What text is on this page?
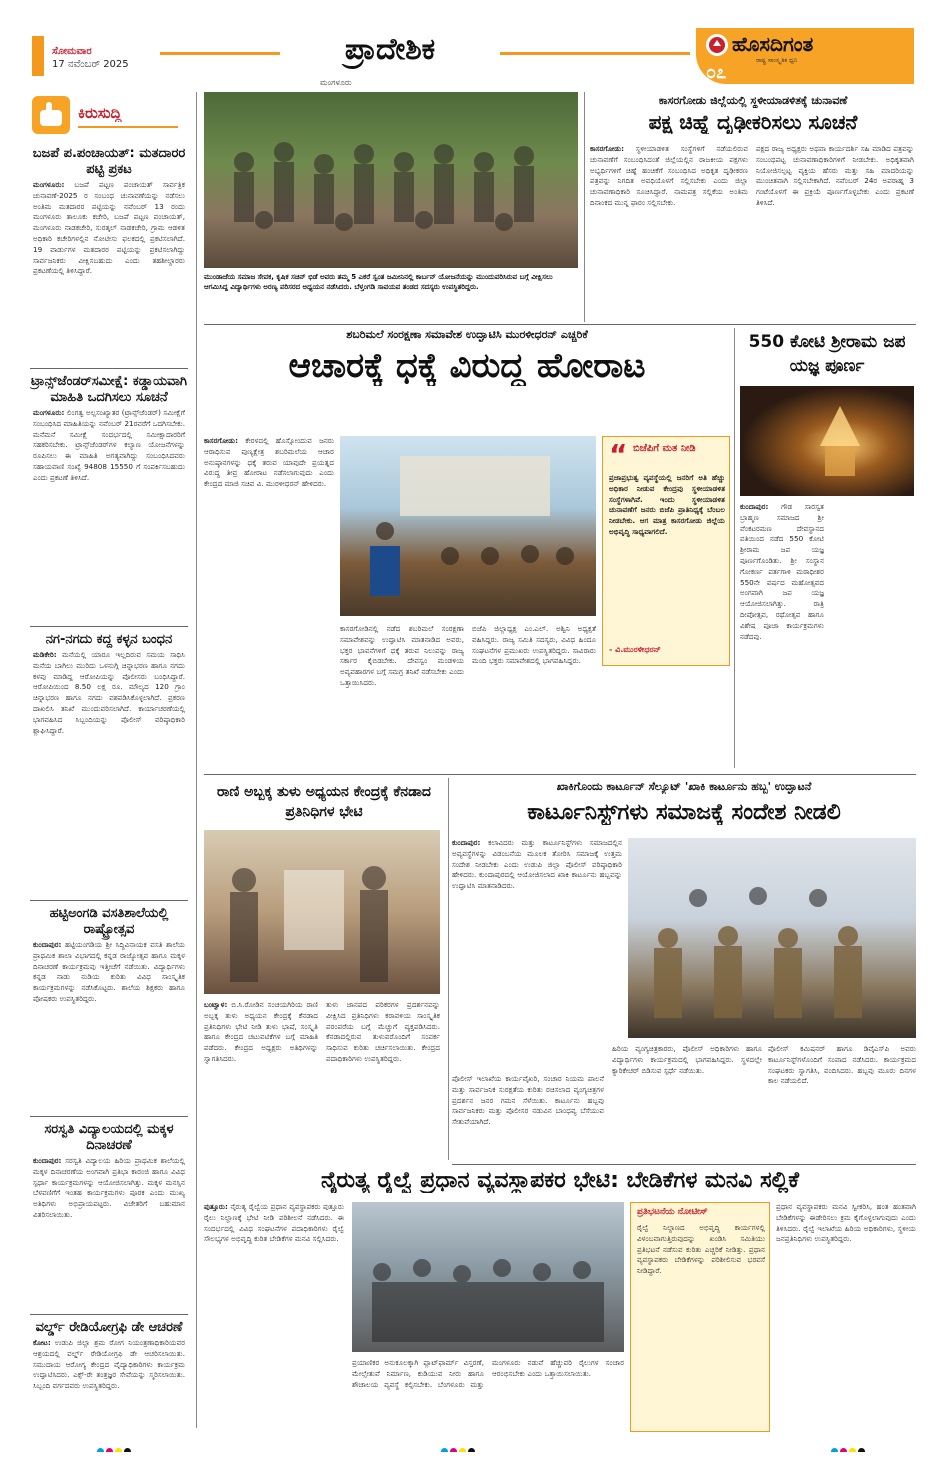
ಸೋಮವಾರ
17 ನವೆಂಬರ್ 2025
ಮಂಗಳೂರು
ಪ್ರಾದೇಶಿಕ	ಹೊಸದಿಗಂತ
ರಾಷ್ಟ್ರ ಸಾಂಸ್ಕೃತಿಕ ಧ್ವನಿ
೦೭
ಕಿರುಸುದ್ದಿ
ಬಜಪೆ ಪ.ಪಂಚಾಯತ್‌: ಮತದಾರರ ಪಟ್ಟಿ ಪ್ರಕಟ
ಮಂಗಳೂರು: ಬಜಪೆ ಪಟ್ಟಣ ಪಂಚಾಯತ್ ಸಾರ್ವತ್ರಿಕ ಚುನಾವಣೆ-2025 ರ ಸಂಬಂಧ ಚುನಾವಣೆಯನ್ನು ನಡೆಸಲು ಅಂತಿಮ ಮತದಾರರ ಪಟ್ಟಿಯನ್ನು ನವೆಂಬರ್ 13 ರಂದು ಮಂಗಳೂರು ತಾಲೂಕು ಕಚೇರಿ, ಬಜಪೆ ಪಟ್ಟಣ ಪಂಚಾಯತ್, ಮಂಗಳೂರು ನಾಡಕಚೇರಿ, ಸುರತ್ಕಲ್ ನಾಡಕಚೇರಿ, ಗ್ರಾಮ ಆಡಳಿತ ಅಧಿಕಾರಿ ಕಚೇರಿಗಳಲ್ಲಿನ ನೋಟೀಸು ಫಲಕದಲ್ಲಿ ಪ್ರಕಟಿಸಲಾಗಿದೆ. 19 ವಾರ್ಡುಗಳ ಮತದಾರರ ಪಟ್ಟಿಯನ್ನು ಪ್ರಕಟಿಸಲಾಗಿದ್ದು ಸಾರ್ವಜನಿಕರು ವೀಕ್ಷಿಸಬಹುದು ಎಂದು ತಹಶೀಲ್ದಾರರು ಪ್ರಕಟಣೆಯಲ್ಲಿ ತಿಳಿಸಿದ್ದಾರೆ.
ಟ್ರಾನ್ಸ್‌ಜೆಂಡರ್‌ಸಮೀಕ್ಷೆ: ಕಡ್ಡಾಯವಾಗಿ ಮಾಹಿತಿ ಒದಗಿಸಲು ಸೂಚನೆ
ಮಂಗಳೂರು: ಲಿಂಗತ್ವ ಅಲ್ಪಸಂಖ್ಯಾತರ (ಟ್ರಾನ್ಸ್‌ಜೆಂಡರ್) ಸಮೀಕ್ಷೆಗೆ ಸಂಬಂಧಿಸಿದ ಮಾಹಿತಿಯನ್ನು ನವೆಂಬರ್ 21ರವರೆಗೆ ಒದಗಿಸಬೇಕು. ಮನೆಮನೆ ಸಮೀಕ್ಷೆ ಸಂದರ್ಭದಲ್ಲಿ ಸಮೀಕ್ಷಾದಾರರಿಗೆ ಸಹಕರಿಸಬೇಕು. ಟ್ರಾನ್ಸ್‌ಜೆಂಡರ್‌ಗಳ ಕಲ್ಯಾಣ ಯೋಜನೆಗಳನ್ನು ರೂಪಿಸಲು ಈ ಮಾಹಿತಿ ಅಗತ್ಯವಾಗಿದ್ದು ಸಂಬಂಧಿಸಿದವರು ಸಹಾಯವಾಣಿ ಸಂಖ್ಯೆ 94808 15550 ಗೆ ಸಂಪರ್ಕಿಸಬಹುದು ಎಂದು ಪ್ರಕಟಣೆ ತಿಳಿಸಿದೆ.
ನಗ-ನಗದು ಕದ್ದ ಕಳ್ಳನ ಬಂಧನ
ಮಡಿಕೇರಿ: ಮನೆಯಲ್ಲಿ ಯಾರೂ ಇಲ್ಲದಿರುವ ಸಮಯ ಸಾಧಿಸಿ ಮನೆಯ ಬಾಗಿಲು ಮುರಿದು ಒಳನುಗ್ಗಿ ಚಿನ್ನಾಭರಣ ಹಾಗೂ ನಗದು ಕಳವು ಮಾಡಿದ್ದ ಆರೋಪಿಯನ್ನು ಪೊಲೀಸರು ಬಂಧಿಸಿದ್ದಾರೆ. ಆರೋಪಿಯಿಂದ 8.50 ಲಕ್ಷ ರೂ. ಮೌಲ್ಯದ 120 ಗ್ರಾಂ ಚಿನ್ನಾಭರಣ ಹಾಗೂ ನಗದು ವಶಪಡಿಸಿಕೊಳ್ಳಲಾಗಿದೆ. ಪ್ರಕರಣ ದಾಖಲಿಸಿ ತನಿಖೆ ಮುಂದುವರಿಸಲಾಗಿದೆ. ಕಾರ್ಯಾಚರಣೆಯಲ್ಲಿ ಭಾಗವಹಿಸಿದ ಸಿಬ್ಬಂದಿಯನ್ನು ಪೊಲೀಸ್ ವರಿಷ್ಠಾಧಿಕಾರಿ ಶ್ಲಾಘಿಸಿದ್ದಾರೆ.
ಹಟ್ಟಿಅಂಗಡಿ ವಸತಿಶಾಲೆಯಲ್ಲಿ ರಾಷ್ಟ್ರೋತ್ಸವ
ಕುಂದಾಪುರ: ಹಟ್ಟಿಯಂಗಡಿಯ ಶ್ರೀ ಸಿದ್ಧಿವಿನಾಯಕ ವಸತಿ ಶಾಲೆಯ ಪ್ರಾಥಮಿಕ ಶಾಲಾ ವಿಭಾಗದಲ್ಲಿ ಕನ್ನಡ ರಾಜ್ಯೋತ್ಸವ ಹಾಗೂ ಮಕ್ಕಳ ದಿನಾಚರಣೆ ಕಾರ್ಯಕ್ರಮವು ಇತ್ತೀಚೆಗೆ ನಡೆಯಿತು. ವಿದ್ಯಾರ್ಥಿಗಳು ಕನ್ನಡ ನಾಡು ನುಡಿಯ ಕುರಿತು ವಿವಿಧ ಸಾಂಸ್ಕೃತಿಕ ಕಾರ್ಯಕ್ರಮಗಳನ್ನು ನಡೆಸಿಕೊಟ್ಟರು. ಶಾಲೆಯ ಶಿಕ್ಷಕರು ಹಾಗೂ ಪೋಷಕರು ಉಪಸ್ಥಿತರಿದ್ದರು.
ಸರಸ್ವತಿ ವಿದ್ಯಾಲಯದಲ್ಲಿ ಮಕ್ಕಳ ದಿನಾಚರಣೆ
ಕುಂದಾಪುರ: ಸರಸ್ವತಿ ವಿದ್ಯಾಲಯ ಹಿರಿಯ ಪ್ರಾಥಮಿಕ ಶಾಲೆಯಲ್ಲಿ ಮಕ್ಕಳ ದಿನಾಚರಣೆಯ ಅಂಗವಾಗಿ ಪ್ರತಿಭಾ ಕಾರಂಜಿ ಹಾಗೂ ವಿವಿಧ ಸ್ಪರ್ಧಾ ಕಾರ್ಯಕ್ರಮಗಳನ್ನು ಆಯೋಜಿಸಲಾಗಿತ್ತು. ಮಕ್ಕಳ ಮನಸ್ಸಿನ ಬೆಳವಣಿಗೆಗೆ ಇಂತಹ ಕಾರ್ಯಕ್ರಮಗಳು ಪೂರಕ ಎಂದು ಮುಖ್ಯ ಅತಿಥಿಗಳು ಅಭಿಪ್ರಾಯಪಟ್ಟರು. ವಿಜೇತರಿಗೆ ಬಹುಮಾನ ವಿತರಿಸಲಾಯಿತು.
ವರ್ಲ್ಡ್‌ ರೇಡಿಯೋಗ್ರಫಿ ಡೇ ಆಚರಣೆ
ಕೋಟ: ಉಡುಪಿ ಜಿಲ್ಲಾ ಶ್ರಮ ರೋಗ ನಿಯಂತ್ರಣಾಧಿಕಾರಿಯವರ ಆಶ್ರಯದಲ್ಲಿ ವರ್ಲ್ಡ್ ರೇಡಿಯೋಗ್ರಫಿ ಡೇ ಆಚರಿಸಲಾಯಿತು. ಸಮುದಾಯ ಆರೋಗ್ಯ ಕೇಂದ್ರದ ವೈದ್ಯಾಧಿಕಾರಿಗಳು ಕಾರ್ಯಕ್ರಮ ಉದ್ಘಾಟಿಸಿದರು. ಎಕ್ಸ್-ರೇ ತಂತ್ರಜ್ಞರ ಸೇವೆಯನ್ನು ಸ್ಮರಿಸಲಾಯಿತು. ಸಿಬ್ಬಂದಿ ವರ್ಗದವರು ಉಪಸ್ಥಿತರಿದ್ದರು.
ಮುಂಡಾಜೆಯ ಸಮಾಜ ಸೇವಕ, ಕೃಷಿಕ ಸಚಿನ್ ಭಿಡೆ ಅವರು ತಮ್ಮ 5 ಎಕರೆ ಸ್ವಂತ ಜಮೀನಿನಲ್ಲಿ ಕಾರ್ಬನ್ ಯೋಜನೆಯನ್ನು ಮುಂದುವರಿಸಿರುವ ಬಗ್ಗೆ ವೀಕ್ಷಿಸಲು ಆಗಮಿಸಿದ್ದ ವಿದ್ಯಾರ್ಥಿಗಳು ಅರಣ್ಯ ಪರಿಸರದ ಅಧ್ಯಯನ ನಡೆಸಿದರು. ಬೆಳ್ತಂಗಡಿ ಸಾವಯವ ತಂಡದ ಸದಸ್ಯರು ಉಪಸ್ಥಿತರಿದ್ದರು.
ಕಾಸರಗೋಡು ಜಿಲ್ಲೆಯಲ್ಲಿ ಸ್ಥಳೀಯಾಡಳಿತಕ್ಕೆ ಚುನಾವಣೆ
ಪಕ್ಷ ಚಿಹ್ನೆ ದೃಢೀಕರಿಸಲು ಸೂಚನೆ
ಕಾಸರಗೋಡು: ಸ್ಥಳೀಯಾಡಳಿತ ಸಂಸ್ಥೆಗಳಿಗೆ ನಡೆಯಲಿರುವ ಚುನಾವಣೆಗೆ ಸಂಬಂಧಿಸಿದಂತೆ ಜಿಲ್ಲೆಯಲ್ಲಿನ ರಾಜಕೀಯ ಪಕ್ಷಗಳು ಅಭ್ಯರ್ಥಿಗಳಿಗೆ ಚಿಹ್ನೆ ಹಂಚಿಕೆಗೆ ಸಂಬಂಧಿಸಿದ ಅಧಿಕೃತ ದೃಢೀಕರಣ ಪತ್ರವನ್ನು ನಿಗದಿತ ಅವಧಿಯೊಳಗೆ ಸಲ್ಲಿಸಬೇಕು ಎಂದು ಜಿಲ್ಲಾ ಚುನಾವಣಾಧಿಕಾರಿ ಸೂಚಿಸಿದ್ದಾರೆ. ನಾಮಪತ್ರ ಸಲ್ಲಿಕೆಯ ಅಂತಿಮ ದಿನಾಂಕದ ಮುನ್ನ ಫಾರಂ ಸಲ್ಲಿಸಬೇಕು.
ಪಕ್ಷದ ರಾಜ್ಯ ಅಧ್ಯಕ್ಷರು ಅಥವಾ ಕಾರ್ಯದರ್ಶಿ ಸಹಿ ಮಾಡಿದ ಪತ್ರವನ್ನು ಸಂಬಂಧಪಟ್ಟ ಚುನಾವಣಾಧಿಕಾರಿಗಳಿಗೆ ನೀಡಬೇಕು. ಅಧಿಕೃತವಾಗಿ ನಿಯೋಜಿಸಲ್ಪಟ್ಟ ವ್ಯಕ್ತಿಯ ಹೆಸರು ಮತ್ತು ಸಹಿ ಮಾದರಿಯನ್ನು ಮುಂಚಿತವಾಗಿ ಸಲ್ಲಿಸಬೇಕಾಗಿದೆ. ನವೆಂಬರ್ 24ರ ಅಪರಾಹ್ನ 3 ಗಂಟೆಯೊಳಗೆ ಈ ಪ್ರಕ್ರಿಯೆ ಪೂರ್ಣಗೊಳ್ಳಬೇಕು ಎಂದು ಪ್ರಕಟಣೆ ತಿಳಿಸಿದೆ.
ಶಬರಿಮಲೆ ಸಂರಕ್ಷಣಾ ಸಮಾವೇಶ ಉದ್ಘಾಟಿಸಿ ಮುರಳೀಧರನ್ ಎಚ್ಚರಿಕೆ
ಆಚಾರಕ್ಕೆ ಧಕ್ಕೆ ವಿರುದ್ಧ ಹೋರಾಟ
ಕಾಸರಗೋಡು: ಕೇರಳದಲ್ಲಿ ಹೊಸ್ಸೋಂದುವ ಜನರು ಆರಾಧಿಸುವ ಪುಣ್ಯಕ್ಷೇತ್ರ ಶಬರಿಮಲೆಯ ಆಚಾರ ಅನುಷ್ಠಾನಗಳನ್ನು ಧಕ್ಕೆ ತರುವ ಯಾವುದೇ ಪ್ರಯತ್ನದ ವಿರುದ್ಧ ತೀವ್ರ ಹೋರಾಟ ನಡೆಸಲಾಗುವುದು ಎಂದು ಕೇಂದ್ರದ ಮಾಜಿ ಸಚಿವ ವಿ. ಮುರಳೀಧರನ್ ಹೇಳಿದರು.
ಕಾಸರಗೋಡಿನಲ್ಲಿ ನಡೆದ ಶಬರಿಮಲೆ ಸಂರಕ್ಷಣಾ ಸಮಾವೇಶವನ್ನು ಉದ್ಘಾಟಿಸಿ ಮಾತನಾಡಿದ ಅವರು, ಭಕ್ತರ ಭಾವನೆಗಳಿಗೆ ಧಕ್ಕೆ ತರುವ ನಿಲುವನ್ನು ರಾಜ್ಯ ಸರ್ಕಾರ ಕೈಬಿಡಬೇಕು. ದೇವಸ್ವಂ ಮಂಡಳಿಯ ಅವ್ಯವಹಾರಗಳ ಬಗ್ಗೆ ಸಮಗ್ರ ತನಿಖೆ ನಡೆಸಬೇಕು ಎಂದು ಒತ್ತಾಯಿಸಿದರು.
ಬಿಜೆಪಿ ಜಿಲ್ಲಾಧ್ಯಕ್ಷ ಎಂ.ಎಲ್. ಅಶ್ವಿನಿ ಅಧ್ಯಕ್ಷತೆ ವಹಿಸಿದ್ದರು. ರಾಜ್ಯ ಸಮಿತಿ ಸದಸ್ಯರು, ವಿವಿಧ ಹಿಂದೂ ಸಂಘಟನೆಗಳ ಪ್ರಮುಖರು ಉಪಸ್ಥಿತರಿದ್ದರು. ಸಾವಿರಾರು ಮಂದಿ ಭಕ್ತರು ಸಮಾವೇಶದಲ್ಲಿ ಭಾಗವಹಿಸಿದ್ದರು.
“ ಬಿಜೆಪಿಗೆ ಮತ ನೀಡಿ
ಪ್ರಜಾಪ್ರಭುತ್ವ ವ್ಯವಸ್ಥೆಯಲ್ಲಿ ಜನರಿಗೆ ಅತಿ ಹೆಚ್ಚು ಅಧಿಕಾರ ನೀಡುವ ಕೇಂದ್ರವು ಸ್ಥಳೀಯಾಡಳಿತ ಸಂಸ್ಥೆಗಳಾಗಿವೆ. ಇಂದು ಸ್ಥಳೀಯಾಡಳಿತ ಚುನಾವಣೆಗೆ ಜನರು ಬಿಜೆಪಿ ಪ್ರಾತಿನಿಧ್ಯಕ್ಕೆ ಬೆಂಬಲ ನೀಡಬೇಕು. ಆಗ ಮಾತ್ರ ಕಾಸರಗೋಡು ಜಿಲ್ಲೆಯ ಅಭಿವೃದ್ಧಿ ಸಾಧ್ಯವಾಗಲಿದೆ.
- ವಿ.ಮುರಳೀಧರನ್
550 ಕೋಟಿ ಶ್ರೀರಾಮ ಜಪ ಯಜ್ಞ ಪೂರ್ಣ
ಕುಂದಾಪುರ: ಗೌಡ ಸಾರಸ್ವತ ಬ್ರಾಹ್ಮಣ ಸಮಾಜದ ಶ್ರೀ ವೆಂಕಟರಮಣ ದೇವಸ್ಥಾನದ ವತಿಯಿಂದ ನಡೆದ 550 ಕೋಟಿ ಶ್ರೀರಾಮ ಜಪ ಯಜ್ಞ ಪೂರ್ಣಗೊಂಡಿತು. ಶ್ರೀ ಸಂಸ್ಥಾನ ಗೋಕರ್ಣ ಪರ್ತಗಾಳಿ ಮಠಾಧೀಶರ 550ನೇ ವರ್ಷದ ಮಹೋತ್ಸವದ ಅಂಗವಾಗಿ ಜಪ ಯಜ್ಞ ಆಯೋಜಿಸಲಾಗಿತ್ತು. ರಾತ್ರಿ ದೀಪೋತ್ಸವ, ರಥೋತ್ಸವ ಹಾಗೂ ವಿಶೇಷ ಪೂಜಾ ಕಾರ್ಯಕ್ರಮಗಳು ನಡೆದವು.
ರಾಣಿ ಅಬ್ಬಕ್ಕ ತುಳು ಅಧ್ಯಯನ ಕೇಂದ್ರಕ್ಕೆ ಕೆನಡಾದ ಪ್ರತಿನಿಧಿಗಳ ಭೇಟಿ
ಬಂಟ್ವಾಳ: ಬಿ.ಸಿ.ರೋಡಿನ ಸಂಚಯಗಿರಿಯ ರಾಣಿ ಅಬ್ಬಕ್ಕ ತುಳು ಅಧ್ಯಯನ ಕೇಂದ್ರಕ್ಕೆ ಕೆನಡಾದ ಪ್ರತಿನಿಧಿಗಳು ಭೇಟಿ ನೀಡಿ ತುಳು ಭಾಷೆ, ಸಂಸ್ಕೃತಿ ಹಾಗೂ ಕೇಂದ್ರದ ಚಟುವಟಿಕೆಗಳ ಬಗ್ಗೆ ಮಾಹಿತಿ ಪಡೆದರು. ಕೇಂದ್ರದ ಅಧ್ಯಕ್ಷರು ಅತಿಥಿಗಳನ್ನು ಸ್ವಾಗತಿಸಿದರು.
ತುಳು ಜಾನಪದ ಪರಿಕರಗಳ ಪ್ರದರ್ಶನವನ್ನು ವೀಕ್ಷಿಸಿದ ಪ್ರತಿನಿಧಿಗಳು ಕರಾವಳಿಯ ಸಾಂಸ್ಕೃತಿಕ ಪರಂಪರೆಯ ಬಗ್ಗೆ ಮೆಚ್ಚುಗೆ ವ್ಯಕ್ತಪಡಿಸಿದರು. ಕೆನಡಾದಲ್ಲಿರುವ ತುಳುವರೊಂದಿಗೆ ಸಂಪರ್ಕ ಸಾಧಿಸುವ ಕುರಿತು ಚರ್ಚಿಸಲಾಯಿತು. ಕೇಂದ್ರದ ಪದಾಧಿಕಾರಿಗಳು ಉಪಸ್ಥಿತರಿದ್ದರು.
ಖಾಕಿಗೊಂದು ಕಾರ್ಟೂನ್ ಸೆಲ್ಯೂಟ್ 'ಖಾಕಿ ಕಾರ್ಟೂನು ಹಬ್ಬ' ಉದ್ಘಾಟನೆ
ಕಾರ್ಟೂನಿಸ್ಟ್‌ಗಳು ಸಮಾಜಕ್ಕೆ ಸಂದೇಶ ನೀಡಲಿ
ಕುಂದಾಪುರ: ಕಲಾವಿದರು ಮತ್ತು ಕಾರ್ಟೂನಿಸ್ಟ್‌ಗಳು ಸಮಾಜದಲ್ಲಿನ ಅವ್ಯವಸ್ಥೆಗಳನ್ನು ವಿಡಂಬನೆಯ ಮೂಲಕ ತೋರಿಸಿ ಸಮಾಜಕ್ಕೆ ಉತ್ತಮ ಸಂದೇಶ ನೀಡಬೇಕು ಎಂದು ಉಡುಪಿ ಜಿಲ್ಲಾ ಪೊಲೀಸ್ ವರಿಷ್ಠಾಧಿಕಾರಿ ಹೇಳಿದರು. ಕುಂದಾಪುರದಲ್ಲಿ ಆಯೋಜಿಸಲಾದ ಖಾಕಿ ಕಾರ್ಟೂನು ಹಬ್ಬವನ್ನು ಉದ್ಘಾಟಿಸಿ ಮಾತನಾಡಿದರು.
ಪೊಲೀಸ್ ಇಲಾಖೆಯ ಕಾರ್ಯವೈಖರಿ, ಸಂಚಾರ ನಿಯಮ ಪಾಲನೆ ಮತ್ತು ಸಾರ್ವಜನಿಕ ಸುರಕ್ಷತೆಯ ಕುರಿತು ರಚಿಸಲಾದ ವ್ಯಂಗ್ಯಚಿತ್ರಗಳ ಪ್ರದರ್ಶನ ಜನರ ಗಮನ ಸೆಳೆಯಿತು. ಕಾರ್ಟೂನು ಹಬ್ಬವು ಸಾರ್ವಜನಿಕರು ಮತ್ತು ಪೊಲೀಸರ ನಡುವಿನ ಬಾಂಧವ್ಯ ಬೆಸೆಯುವ ಸೇತುವೆಯಾಗಿದೆ.
ಹಿರಿಯ ವ್ಯಂಗ್ಯಚಿತ್ರಕಾರರು, ಪೊಲೀಸ್ ಅಧಿಕಾರಿಗಳು ಹಾಗೂ ವಿದ್ಯಾರ್ಥಿಗಳು ಕಾರ್ಯಕ್ರಮದಲ್ಲಿ ಭಾಗವಹಿಸಿದ್ದರು. ಸ್ಥಳದಲ್ಲೇ ಕ್ಯಾರಿಕೇಚರ್ ಬಿಡಿಸುವ ಸ್ಪರ್ಧೆ ನಡೆಯಿತು.
ಪೊಲೀಸ್ ಕಮಿಷನರ್ ಹಾಗೂ ಡಿವೈಎಸ್‌ಪಿ ಅವರು ಕಾರ್ಟೂನಿಸ್ಟ್‌ಗಳೊಂದಿಗೆ ಸಂವಾದ ನಡೆಸಿದರು. ಕಾರ್ಯಕ್ರಮದ ಸಂಘಟಕರು ಸ್ವಾಗತಿಸಿ, ವಂದಿಸಿದರು. ಹಬ್ಬವು ಮೂರು ದಿನಗಳ ಕಾಲ ನಡೆಯಲಿದೆ.
ನೈರುತ್ಯ ರೈಲ್ವೆ ಪ್ರಧಾನ ವ್ಯವಸ್ಥಾಪಕರ ಭೇಟಿ: ಬೇಡಿಕೆಗಳ ಮನವಿ ಸಲ್ಲಿಕೆ
ಪುತ್ತೂರು: ನೈರುತ್ಯ ರೈಲ್ವೆಯ ಪ್ರಧಾನ ವ್ಯವಸ್ಥಾಪಕರು ಪುತ್ತೂರು ರೈಲು ನಿಲ್ದಾಣಕ್ಕೆ ಭೇಟಿ ನೀಡಿ ಪರಿಶೀಲನೆ ನಡೆಸಿದರು. ಈ ಸಂದರ್ಭದಲ್ಲಿ ವಿವಿಧ ಸಂಘಟನೆಗಳ ಪದಾಧಿಕಾರಿಗಳು ರೈಲ್ವೆ ಸೌಲಭ್ಯಗಳ ಅಭಿವೃದ್ಧಿ ಕುರಿತ ಬೇಡಿಕೆಗಳ ಮನವಿ ಸಲ್ಲಿಸಿದರು.
ಪ್ರಯಾಣಿಕರ ಅನುಕೂಲಕ್ಕಾಗಿ ಪ್ಲಾಟ್‌ಫಾರ್ಮ್ ವಿಸ್ತರಣೆ, ಮೇಲ್ಸೇತುವೆ ನಿರ್ಮಾಣ, ಕುಡಿಯುವ ನೀರು ಹಾಗೂ ಶೌಚಾಲಯ ವ್ಯವಸ್ಥೆ ಕಲ್ಪಿಸಬೇಕು. ಬೆಂಗಳೂರು ಮತ್ತು ಮಂಗಳೂರು ನಡುವೆ ಹೆಚ್ಚುವರಿ ರೈಲುಗಳ ಸಂಚಾರ ಆರಂಭಿಸಬೇಕು ಎಂದು ಒತ್ತಾಯಿಸಲಾಯಿತು.
ಪ್ರತಿಭಟನೆಯ ನೋಟೀಸ್
ರೈಲ್ವೆ ನಿಲ್ದಾಣದ ಅಭಿವೃದ್ಧಿ ಕಾರ್ಯಗಳಲ್ಲಿ ವಿಳಂಬವಾಗುತ್ತಿರುವುದನ್ನು ಖಂಡಿಸಿ ಸಮಿತಿಯು ಪ್ರತಿಭಟನೆ ನಡೆಸುವ ಕುರಿತು ಎಚ್ಚರಿಕೆ ನೀಡಿತ್ತು. ಪ್ರಧಾನ ವ್ಯವಸ್ಥಾಪಕರು ಬೇಡಿಕೆಗಳನ್ನು ಪರಿಶೀಲಿಸುವ ಭರವಸೆ ನೀಡಿದ್ದಾರೆ.
ಪ್ರಧಾನ ವ್ಯವಸ್ಥಾಪಕರು ಮನವಿ ಸ್ವೀಕರಿಸಿ, ಹಂತ ಹಂತವಾಗಿ ಬೇಡಿಕೆಗಳನ್ನು ಈಡೇರಿಸಲು ಕ್ರಮ ಕೈಗೊಳ್ಳಲಾಗುವುದು ಎಂದು ತಿಳಿಸಿದರು. ರೈಲ್ವೆ ಇಲಾಖೆಯ ಹಿರಿಯ ಅಧಿಕಾರಿಗಳು, ಸ್ಥಳೀಯ ಜನಪ್ರತಿನಿಧಿಗಳು ಉಪಸ್ಥಿತರಿದ್ದರು.
